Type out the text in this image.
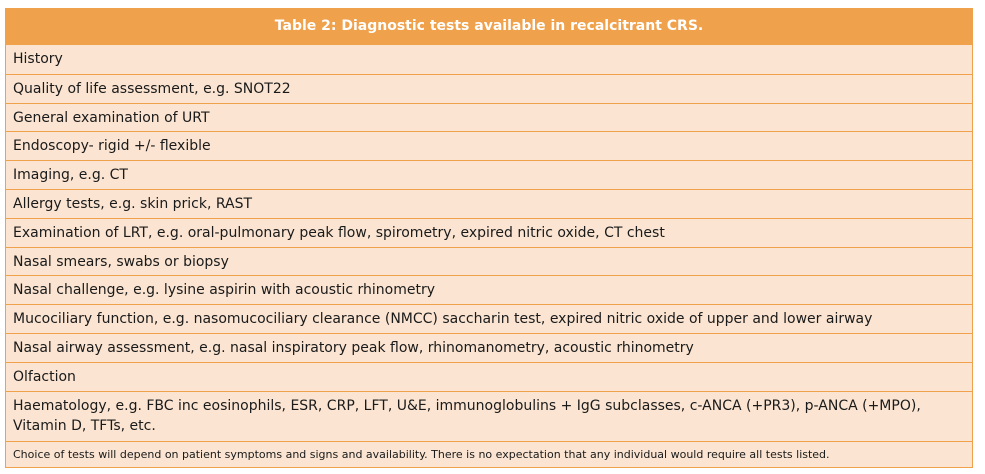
Table 2: Diagnostic tests available in recalcitrant CRS.
History
Quality of life assessment, e.g. SNOT22
General examination of URT
Endoscopy- rigid +/- flexible
Imaging, e.g. CT
Allergy tests, e.g. skin prick, RAST
Examination of LRT, e.g. oral-pulmonary peak flow, spirometry, expired nitric oxide, CT chest
Nasal smears, swabs or biopsy
Nasal challenge, e.g. lysine aspirin with acoustic rhinometry
Mucociliary function, e.g. nasomucociliary clearance (NMCC) saccharin test, expired nitric oxide of upper and lower airway
Nasal airway assessment, e.g. nasal inspiratory peak flow, rhinomanometry, acoustic rhinometry
Olfaction
Haematology, e.g. FBC inc eosinophils, ESR, CRP, LFT, U&E, immunoglobulins + IgG subclasses, c-ANCA (+PR3), p-ANCA (+MPO), Vitamin D, TFTs, etc.
Choice of tests will depend on patient symptoms and signs and availability. There is no expectation that any individual would require all tests listed.
